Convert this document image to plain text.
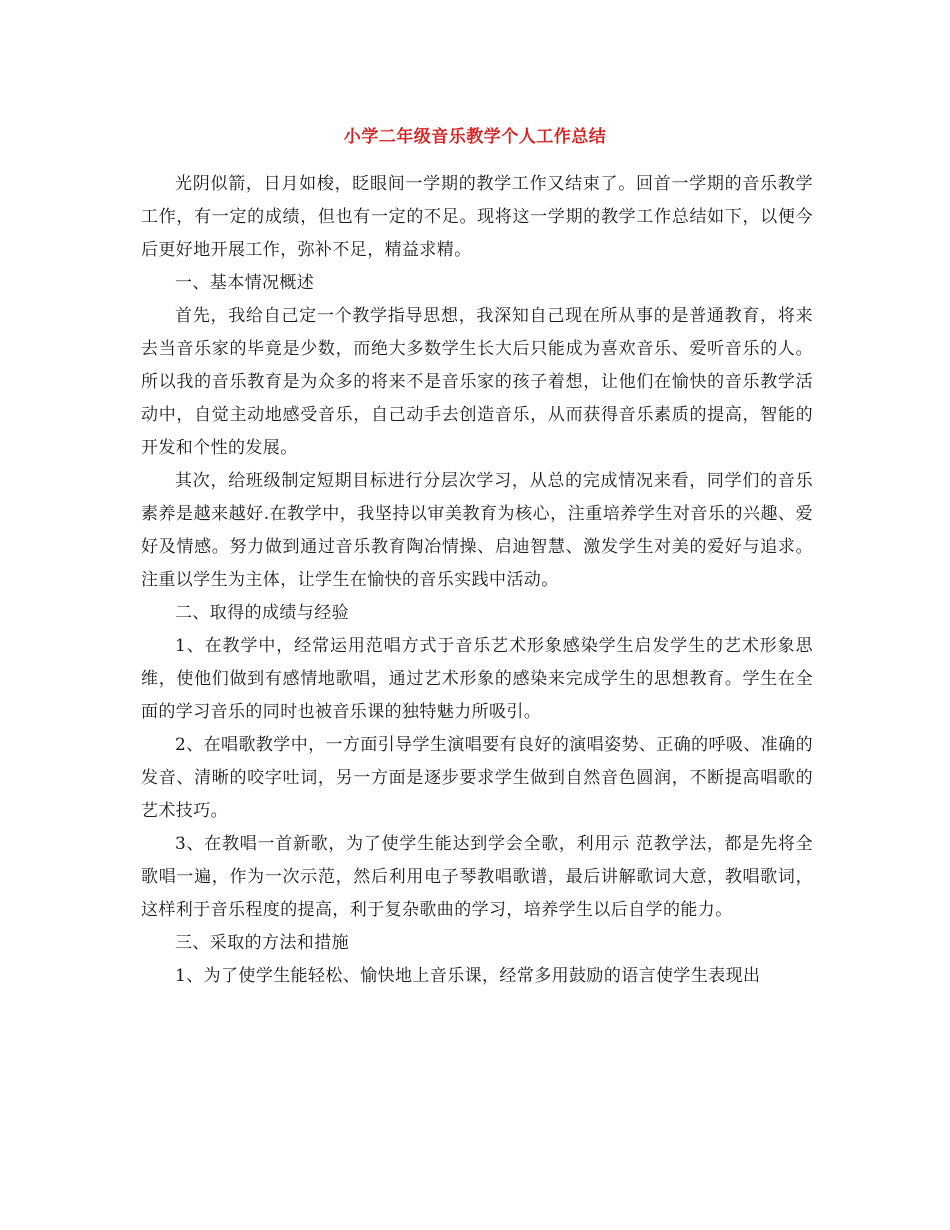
小学二年级音乐教学个人工作总结

光阴似箭，日月如梭，眨眼间一学期的教学工作又结束了。回首一学期的音乐教学工作，有一定的成绩，但也有一定的不足。现将这一学期的教学工作总结如下，以便今后更好地开展工作，弥补不足，精益求精。

一、基本情况概述

首先，我给自己定一个教学指导思想，我深知自己现在所从事的是普通教育，将来去当音乐家的毕竟是少数，而绝大多数学生长大后只能成为喜欢音乐、爱听音乐的人。所以我的音乐教育是为众多的将来不是音乐家的孩子着想，让他们在愉快的音乐教学活动中，自觉主动地感受音乐，自己动手去创造音乐，从而获得音乐素质的提高，智能的开发和个性的发展。

其次，给班级制定短期目标进行分层次学习，从总的完成情况来看，同学们的音乐素养是越来越好.在教学中，我坚持以审美教育为核心，注重培养学生对音乐的兴趣、爱好及情感。努力做到通过音乐教育陶冶情操、启迪智慧、激发学生对美的爱好与追求。注重以学生为主体，让学生在愉快的音乐实践中活动。

二、取得的成绩与经验

1、在教学中，经常运用范唱方式于音乐艺术形象感染学生启发学生的艺术形象思维，使他们做到有感情地歌唱，通过艺术形象的感染来完成学生的思想教育。学生在全面的学习音乐的同时也被音乐课的独特魅力所吸引。

2、在唱歌教学中，一方面引导学生演唱要有良好的演唱姿势、正确的呼吸、准确的发音、清晰的咬字吐词，另一方面是逐步要求学生做到自然音色圆润，不断提高唱歌的艺术技巧。

3、在教唱一首新歌，为了使学生能达到学会全歌，利用示 范教学法，都是先将全歌唱一遍，作为一次示范，然后利用电子琴教唱歌谱，最后讲解歌词大意，教唱歌词，这样利于音乐程度的提高，利于复杂歌曲的学习，培养学生以后自学的能力。

三、采取的方法和措施

1、为了使学生能轻松、愉快地上音乐课，经常多用鼓励的语言使学生表现出
